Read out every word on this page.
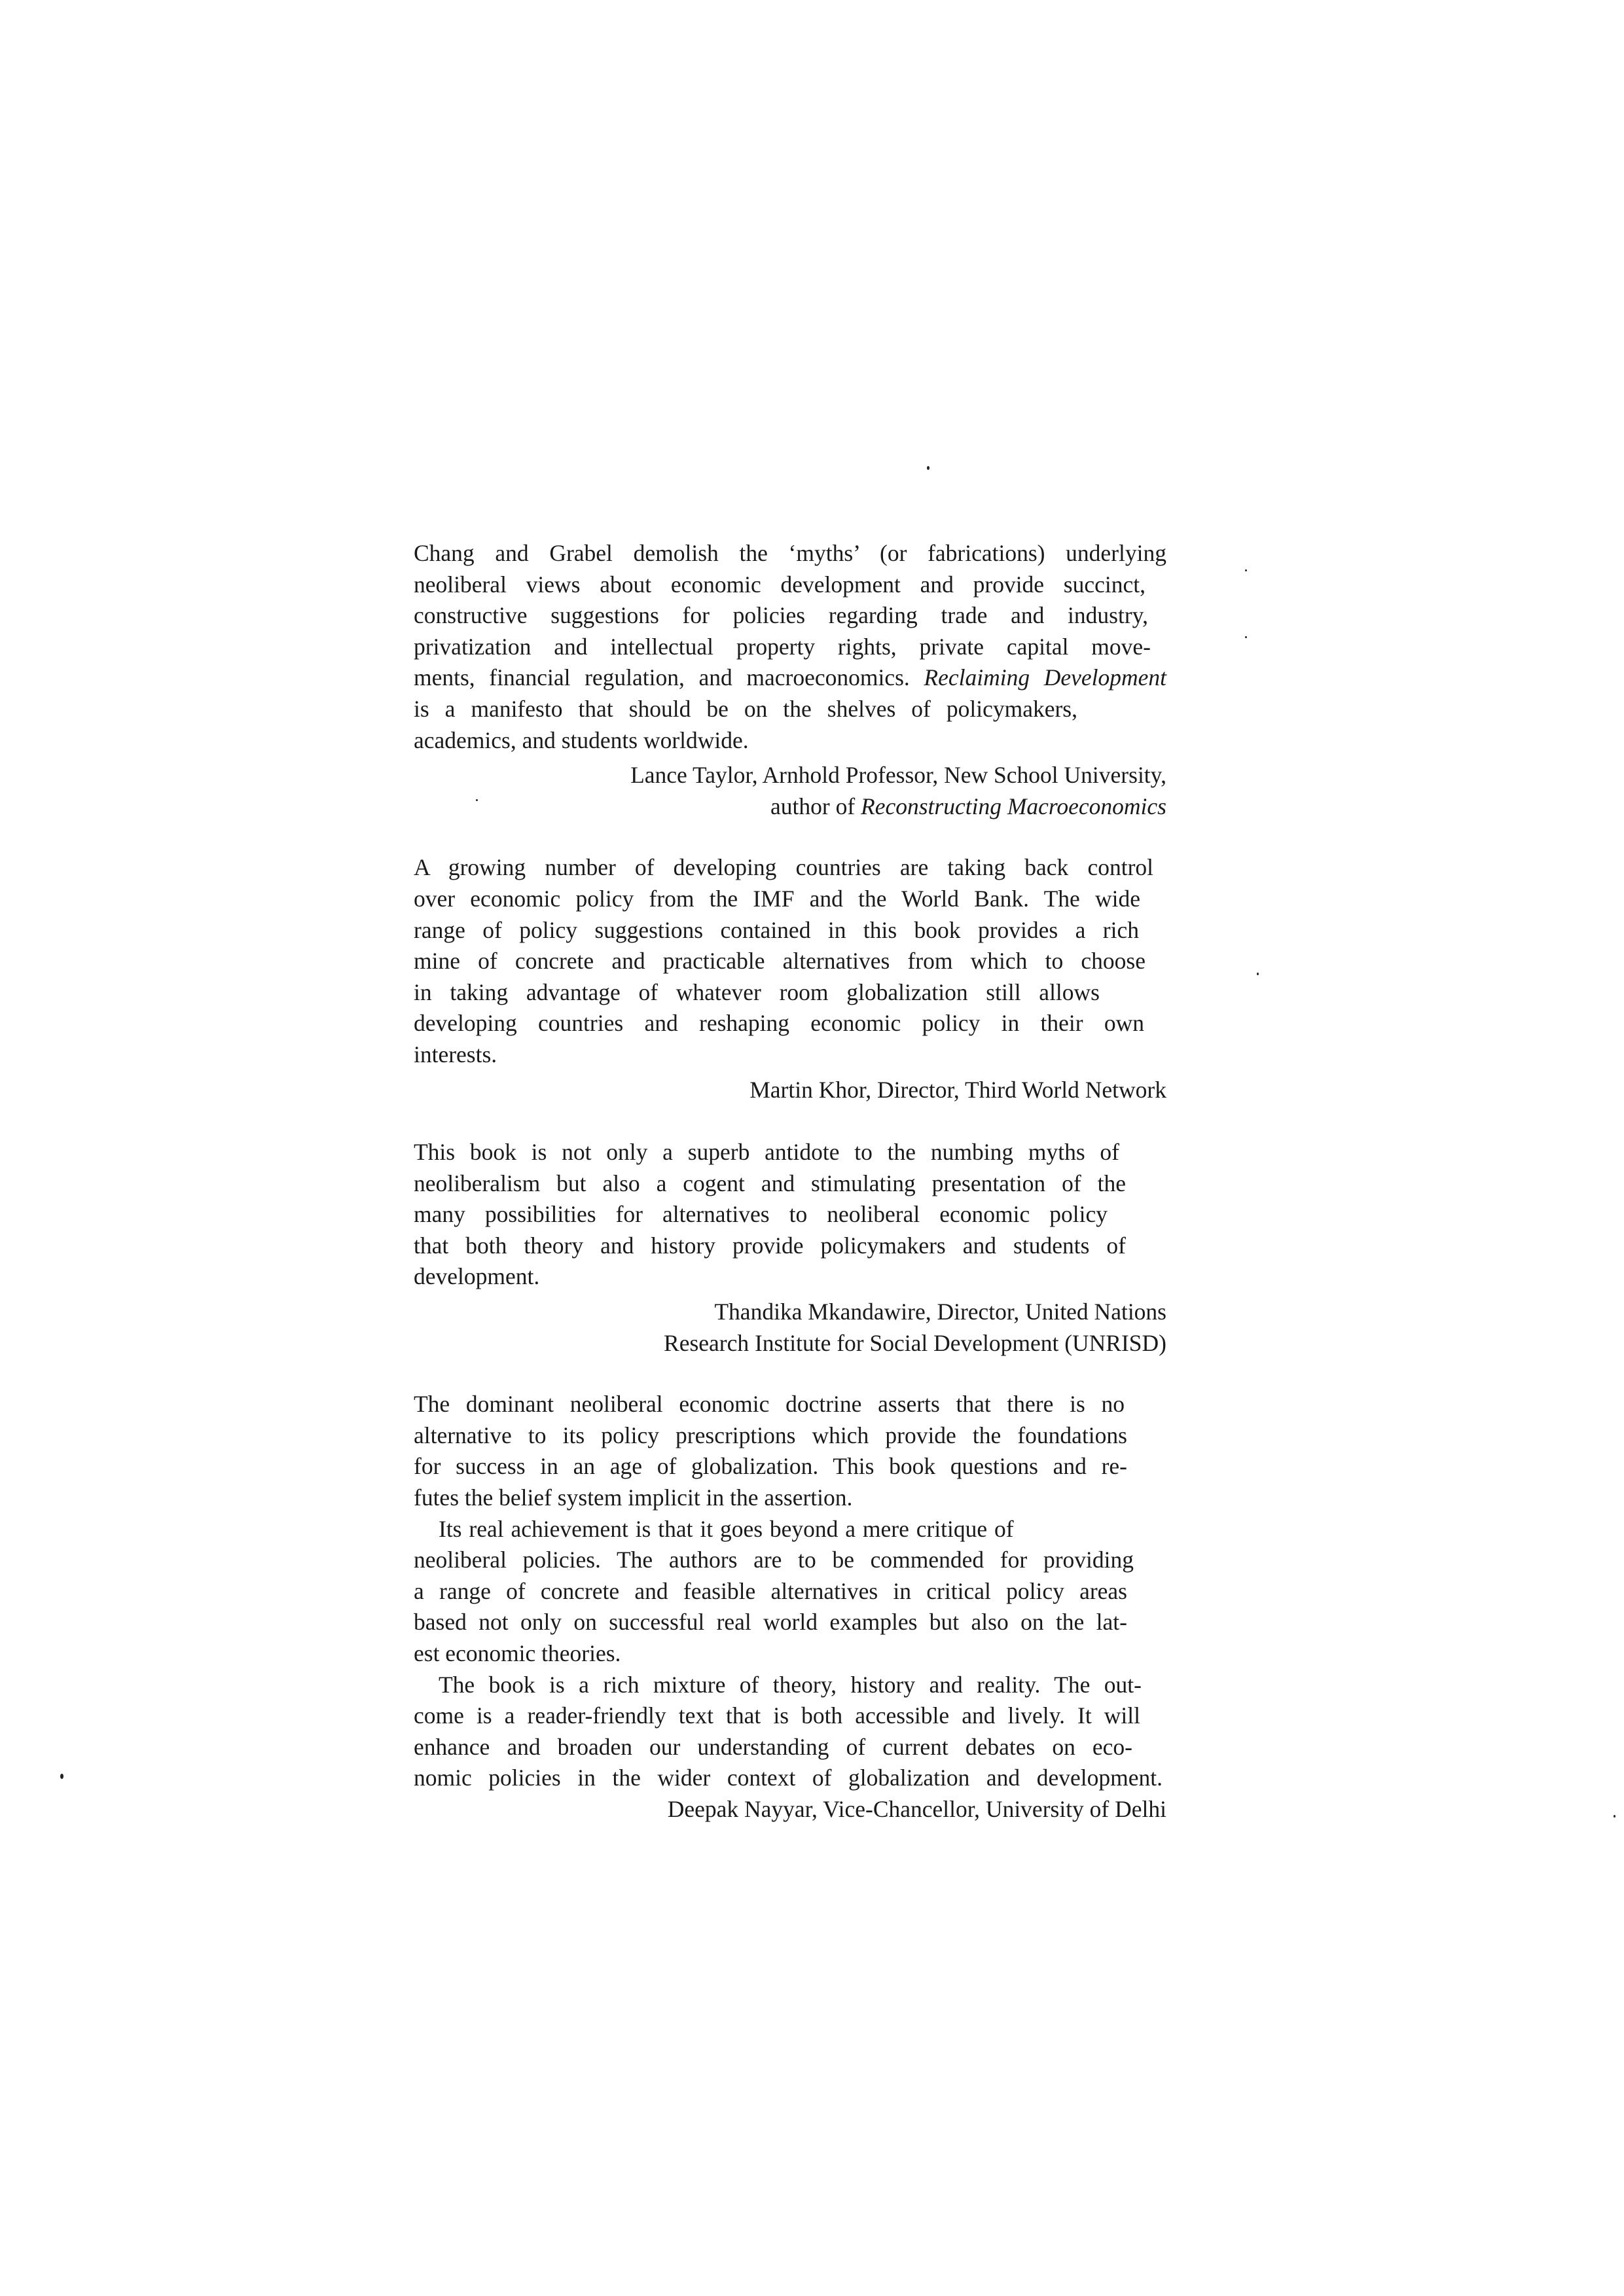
Chang and Grabel demolish the ‘myths’ (or fabrications) underlying
neoliberal views about economic development and provide succinct,
constructive suggestions for policies regarding trade and industry,
privatization and intellectual property rights, private capital move-
ments, financial regulation, and macroeconomics. Reclaiming Development
is a manifesto that should be on the shelves of policymakers,
academics, and students worldwide.

Lance Taylor, Arnhold Professor, New School University,
author of Reconstructing Macroeconomics

A growing number of developing countries are taking back control
over economic policy from the IMF and the World Bank. The wide
range of policy suggestions contained in this book provides a rich
mine of concrete and practicable alternatives from which to choose
in taking advantage of whatever room globalization still allows
developing countries and reshaping economic policy in their own
interests.

Martin Khor, Director, Third World Network

This book is not only a superb antidote to the numbing myths of
neoliberalism but also a cogent and stimulating presentation of the
many possibilities for alternatives to neoliberal economic policy
that both theory and history provide policymakers and students of
development.

Thandika Mkandawire, Director, United Nations
Research Institute for Social Development (UNRISD)

The dominant neoliberal economic doctrine asserts that there is no
alternative to its policy prescriptions which provide the foundations
for success in an age of globalization. This book questions and re-
futes the belief system implicit in the assertion.

Its real achievement is that it goes beyond a mere critique of
neoliberal policies. The authors are to be commended for providing
a range of concrete and feasible alternatives in critical policy areas
based not only on successful real world examples but also on the lat-
est economic theories.

The book is a rich mixture of theory, history and reality. The out-
come is a reader-friendly text that is both accessible and lively. It will
enhance and broaden our understanding of current debates on eco-
nomic policies in the wider context of globalization and development.

Deepak Nayyar, Vice-Chancellor, University of Delhi
